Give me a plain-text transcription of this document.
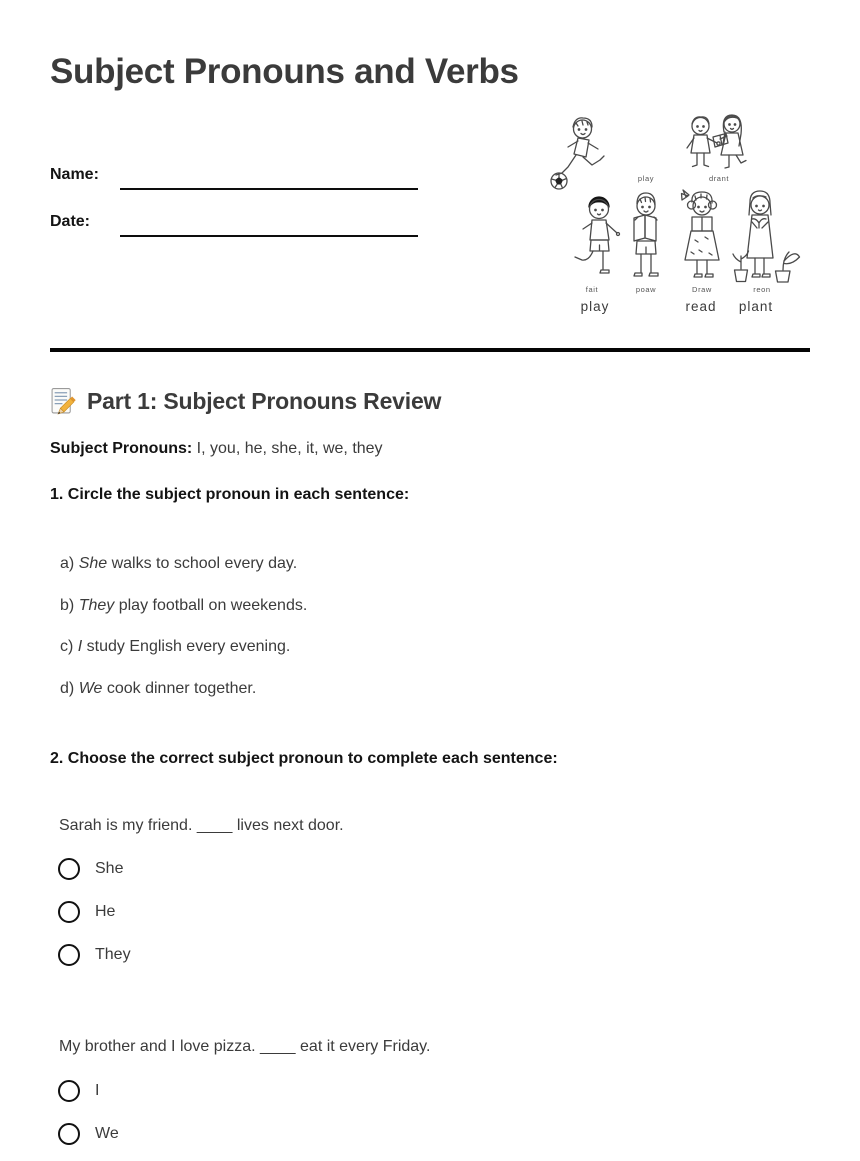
Subject Pronouns and Verbs
Name:
Date:
play	drant
fait	poaw	Draw	reon
play	read plant
Part 1: Subject Pronouns Review
Subject Pronouns: I, you, he, she, it, we, they
1. Circle the subject pronoun in each sentence:
a) She walks to school every day.
b) They play football on weekends.
c) I study English every evening.
d) We cook dinner together.
2. Choose the correct subject pronoun to complete each sentence:
Sarah is my friend. ____ lives next door.
She
He
They
My brother and I love pizza. ____ eat it every Friday.
I
We
